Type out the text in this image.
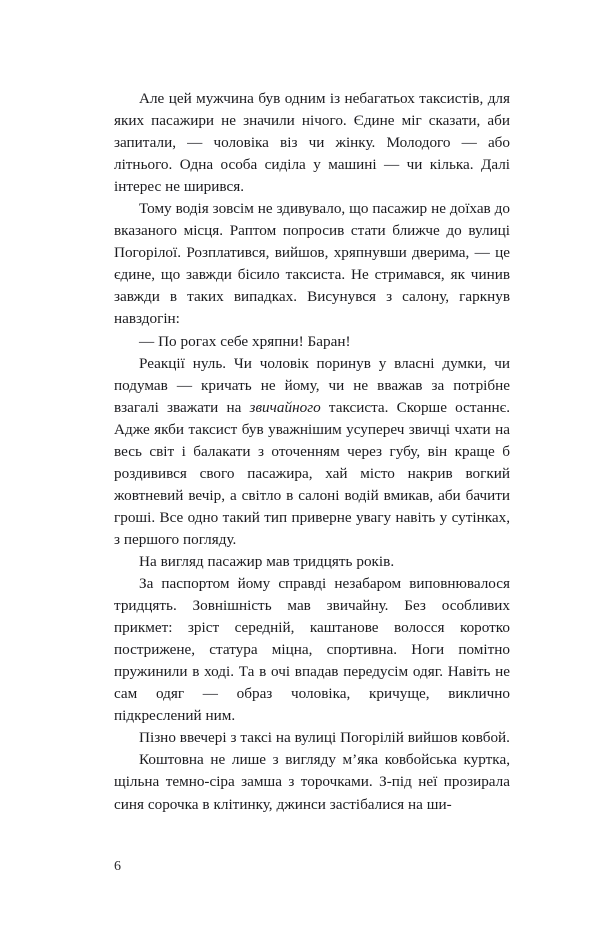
Але цей мужчина був одним із небагатьох таксистів, для яких пасажири не значили нічого. Єдине міг сказати, аби запитали, — чоловіка віз чи жінку. Молодого — або літнього. Одна особа сиділа у машині — чи кілька. Далі інтерес не ширився.

Тому водія зовсім не здивувало, що пасажир не доїхав до вказаного місця. Раптом попросив стати ближче до вулиці Погорілої. Розплатився, вийшов, хряпнувши дверима, — це єдине, що завжди бісило таксиста. Не стримався, як чинив завжди в таких випадках. Висунувся з салону, гаркнув навздогін:

— По рогах себе хряпни! Баран!

Реакції нуль. Чи чоловік поринув у власні думки, чи подумав — кричать не йому, чи не вважав за потрібне взагалі зважати на звичайного таксиста. Скорше останнє. Адже якби таксист був уважнішим усупереч звичці чхати на весь світ і балакати з оточенням через губу, він краще б роздивився свого пасажира, хай місто накрив вогкий жовтневий вечір, а світло в салоні водій вмикав, аби бачити гроші. Все одно такий тип приверне увагу навіть у сутінках, з першого погляду.

На вигляд пасажир мав тридцять років.

За паспортом йому справді незабаром виповнювалося тридцять. Зовнішність мав звичайну. Без особливих прикмет: зріст середній, каштанове волосся коротко пострижене, статура міцна, спортивна. Ноги помітно пружинили в ході. Та в очі впадав передусім одяг. Навіть не сам одяг — образ чоловіка, кричуще, виклично підкреслений ним.

Пізно ввечері з таксі на вулиці Погорілій вийшов ковбой.

Коштовна не лише з вигляду м’яка ковбойська куртка, щільна темно-сіра замша з торочками. З-під неї прозирала синя сорочка в клітинку, джинси застібалися на ши-

6
